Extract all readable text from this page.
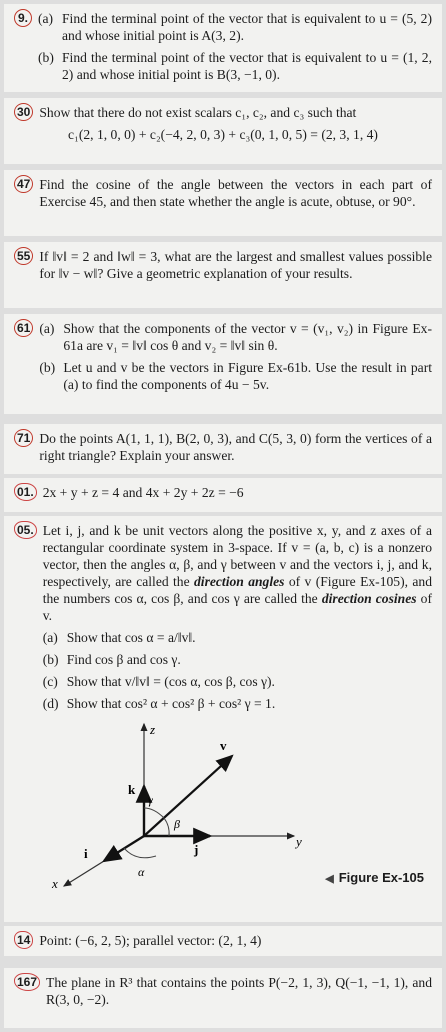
9. (a) Find the terminal point of the vector that is equivalent to u = (5, 2) and whose initial point is A(3, 2).
(b) Find the terminal point of the vector that is equivalent to u = (1, 2, 2) and whose initial point is B(3, −1, 0).
30 Show that there do not exist scalars c₁, c₂, and c₃ such that
c₁(2, 1, 0, 0) + c₂(−4, 2, 0, 3) + c₃(0, 1, 0, 5) = (2, 3, 1, 4)
47 Find the cosine of the angle between the vectors in each part of Exercise 45, and then state whether the angle is acute, obtuse, or 90°.
55 If ‖v‖ = 2 and ‖w‖ = 3, what are the largest and smallest values possible for ‖v − w‖? Give a geometric explanation of your results.
61 (a) Show that the components of the vector v = (v₁, v₂) in Figure Ex-61a are v₁ = ‖v‖ cos θ and v₂ = ‖v‖ sin θ.
(b) Let u and v be the vectors in Figure Ex-61b. Use the result in part (a) to find the components of 4u − 5v.
71 Do the points A(1, 1, 1), B(2, 0, 3), and C(5, 3, 0) form the vertices of a right triangle? Explain your answer.
01. 2x + y + z = 4 and 4x + 2y + 2z = −6
05. Let i, j, and k be unit vectors along the positive x, y, and z axes of a rectangular coordinate system in 3-space. If v = (a, b, c) is a nonzero vector, then the angles α, β, and γ between v and the vectors i, j, and k, respectively, are called the direction angles of v (Figure Ex-105), and the numbers cos α, cos β, and cos γ are called the direction cosines of v.
(a) Show that cos α = a/‖v‖.
(b) Find cos β and cos γ.
(c) Show that v/‖v‖ = (cos α, cos β, cos γ).
(d) Show that cos² α + cos² β + cos² γ = 1.
z
y
x
k
j
i
v
γ
β
α	◀ Figure Ex-105
14 Point: (−6, 2, 5); parallel vector: (2, 1, 4)
167 The plane in R³ that contains the points P(−2, 1, 3), Q(−1, −1, 1), and R(3, 0, −2).
